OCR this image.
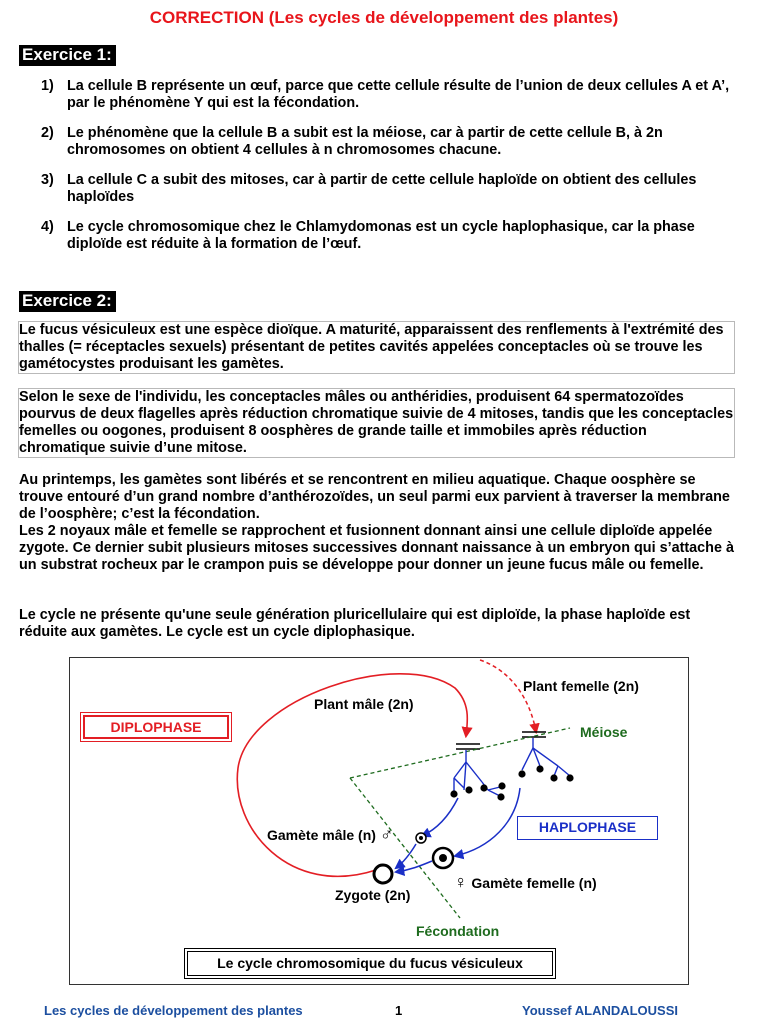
CORRECTION (Les cycles de développement des plantes)
Exercice 1:
1) La cellule B représente un œuf, parce que cette cellule résulte de l’union de deux cellules A et A’, par le phénomène Y qui est la fécondation.
2) Le phénomène que la cellule B a subit est la méiose, car à partir de cette cellule B, à 2n chromosomes on obtient 4 cellules à n chromosomes chacune.
3) La cellule C a subit des mitoses, car à partir de cette cellule haploïde on obtient des cellules haploïdes
4) Le cycle chromosomique chez le Chlamydomonas est un cycle haplophasique, car la phase diploïde est réduite à la formation de l’œuf.
Exercice 2:

Le fucus vésiculeux est une espèce dioïque. A maturité, apparaissent des renflements à l'extrémité des thalles (= réceptacles sexuels) présentant de petites cavités appelées conceptacles où se trouve les gamétocystes produisant les gamètes.

Selon le sexe de l'individu, les conceptacles mâles ou anthéridies, produisent 64 spermatozoïdes pourvus de deux flagelles après réduction chromatique suivie de 4 mitoses, tandis que les conceptacles femelles ou oogones, produisent 8 oosphères de grande taille et immobiles après réduction chromatique suivie d’une mitose.

Au printemps, les gamètes sont libérés et se rencontrent en milieu aquatique. Chaque oosphère se trouve entouré d’un grand nombre d’anthérozoïdes, un seul parmi eux parvient à traverser la membrane de l’oosphère; c’est la fécondation.
Les 2 noyaux mâle et femelle se rapprochent et fusionnent donnant ainsi une cellule diploïde appelée zygote. Ce dernier subit plusieurs mitoses successives donnant naissance à un embryon qui s’attache à un substrat rocheux par le crampon puis se développe pour donner un jeune fucus mâle ou femelle.

Le cycle ne présente qu'une seule génération pluricellulaire qui est diploïde, la phase haploïde est réduite aux gamètes. Le cycle est un cycle diplophasique.

Plant mâle (2n)
Plant femelle (2n)
Méiose
DIPLOPHASE
HAPLOPHASE
Gamète mâle (n) ♂
♀ Gamète femelle (n)
Zygote (2n)
Fécondation
Le cycle chromosomique du fucus vésiculeux
Les cycles de développement des plantes	1	Youssef ALANDALOUSSI
